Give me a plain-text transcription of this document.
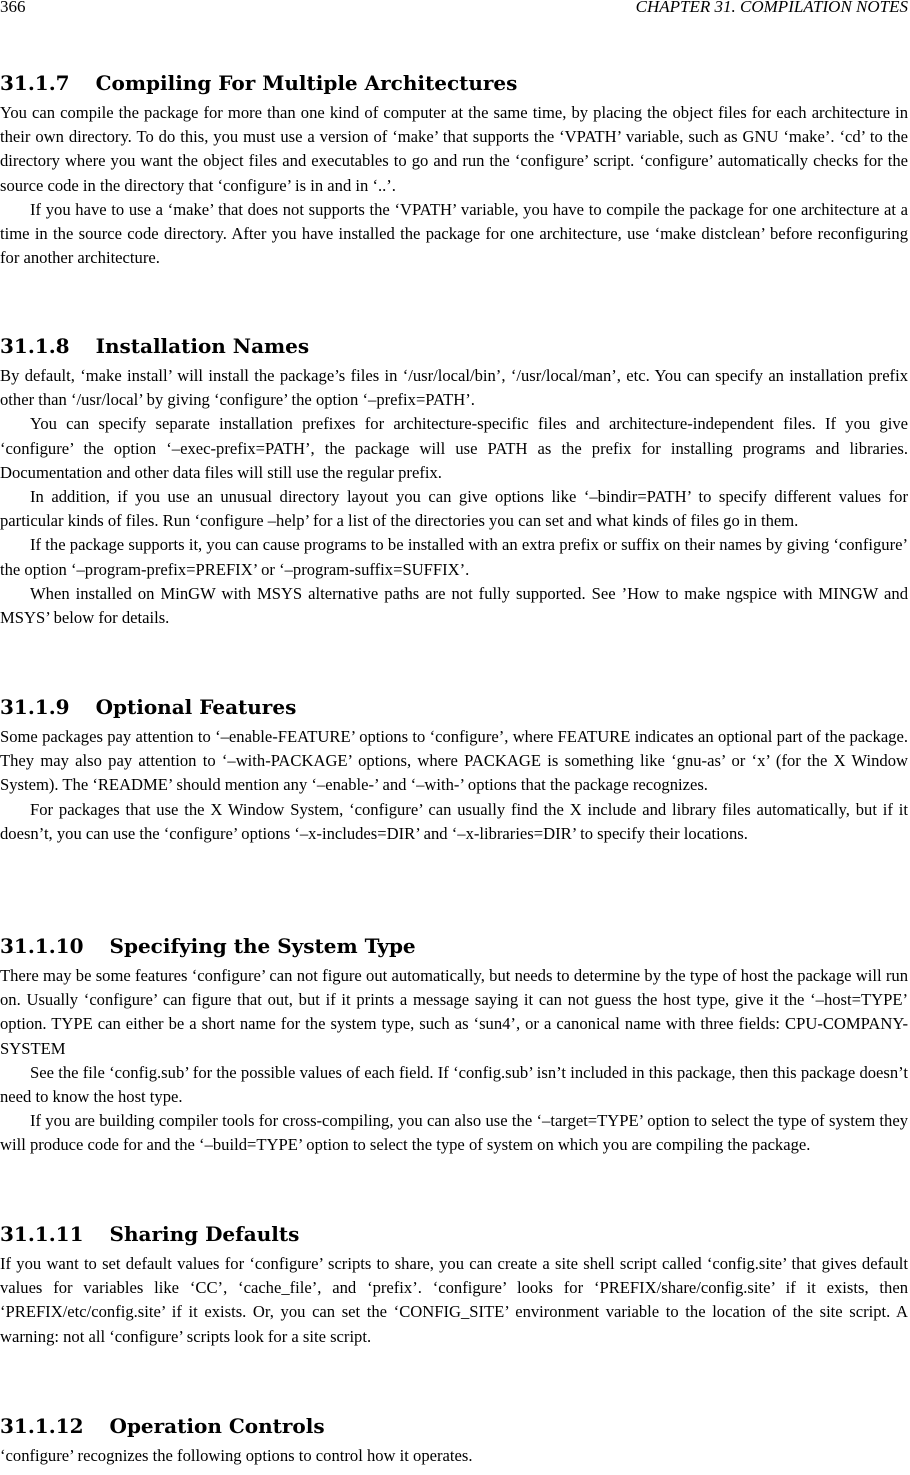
366	CHAPTER 31. COMPILATION NOTES
31.1.7 Compiling For Multiple Architectures

You can compile the package for more than one kind of computer at the same time, by placing the object files for each architecture in their own directory. To do this, you must use a version of ‘make’ that supports the ‘VPATH’ variable, such as GNU ‘make’. ‘cd’ to the directory where you want the object files and executables to go and run the ‘configure’ script. ‘configure’ automatically checks for the source code in the directory that ‘configure’ is in and in ‘..’.

If you have to use a ‘make’ that does not supports the ‘VPATH’ variable, you have to compile the package for one architecture at a time in the source code directory. After you have installed the package for one architecture, use ‘make distclean’ before reconfiguring for another architecture.

31.1.8 Installation Names

By default, ‘make install’ will install the package’s files in ‘/usr/local/bin’, ‘/usr/local/man’, etc. You can specify an installation prefix other than ‘/usr/local’ by giving ‘configure’ the option ‘–prefix=PATH’.

You can specify separate installation prefixes for architecture-specific files and architecture-independent files. If you give ‘configure’ the option ‘–exec-prefix=PATH’, the package will use PATH as the prefix for installing programs and libraries. Documentation and other data files will still use the regular prefix.

In addition, if you use an unusual directory layout you can give options like ‘–bindir=PATH’ to specify different values for particular kinds of files. Run ‘configure –help’ for a list of the directories you can set and what kinds of files go in them.

If the package supports it, you can cause programs to be installed with an extra prefix or suffix on their names by giving ‘configure’ the option ‘–program-prefix=PREFIX’ or ‘–program-suffix=SUFFIX’.

When installed on MinGW with MSYS alternative paths are not fully supported. See ’How to make ngspice with MINGW and MSYS’ below for details.

31.1.9 Optional Features

Some packages pay attention to ‘–enable-FEATURE’ options to ‘configure’, where FEATURE indicates an optional part of the package. They may also pay attention to ‘–with-PACKAGE’ options, where PACKAGE is something like ‘gnu-as’ or ‘x’ (for the X Window System). The ‘README’ should mention any ‘–enable-’ and ‘–with-’ options that the package recognizes.

For packages that use the X Window System, ‘configure’ can usually find the X include and library files automatically, but if it doesn’t, you can use the ‘configure’ options ‘–x-includes=DIR’ and ‘–x-libraries=DIR’ to specify their locations.

31.1.10 Specifying the System Type

There may be some features ‘configure’ can not figure out automatically, but needs to determine by the type of host the package will run on. Usually ‘configure’ can figure that out, but if it prints a message saying it can not guess the host type, give it the ‘–host=TYPE’ option. TYPE can either be a short name for the system type, such as ‘sun4’, or a canonical name with three fields: CPU-COMPANY-SYSTEM

See the file ‘config.sub’ for the possible values of each field. If ‘config.sub’ isn’t included in this package, then this package doesn’t need to know the host type.

If you are building compiler tools for cross-compiling, you can also use the ‘–target=TYPE’ option to select the type of system they will produce code for and the ‘–build=TYPE’ option to select the type of system on which you are compiling the package.

31.1.11 Sharing Defaults

If you want to set default values for ‘configure’ scripts to share, you can create a site shell script called ‘config.site’ that gives default values for variables like ‘CC’, ‘cache_file’, and ‘prefix’. ‘configure’ looks for ‘PREFIX/share/config.site’ if it exists, then ‘PREFIX/etc/config.site’ if it exists. Or, you can set the ‘CONFIG_SITE’ environment variable to the location of the site script. A warning: not all ‘configure’ scripts look for a site script.

31.1.12 Operation Controls

‘configure’ recognizes the following options to control how it operates.
